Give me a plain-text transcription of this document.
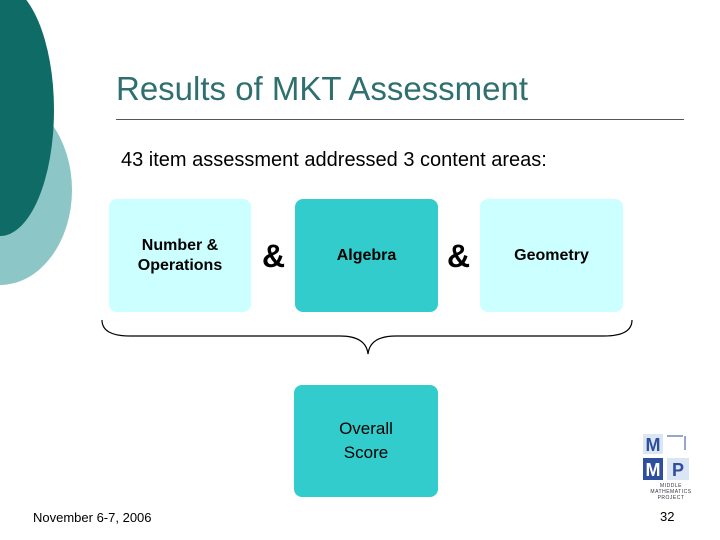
Results of MKT Assessment
43 item assessment addressed 3 content areas:
Number &
Operations &	Algebra &	Geometry
Overall
Score
November 6-7, 2006
M
M P
MIDDLE
MATHEMATICS
PROJECT
32
